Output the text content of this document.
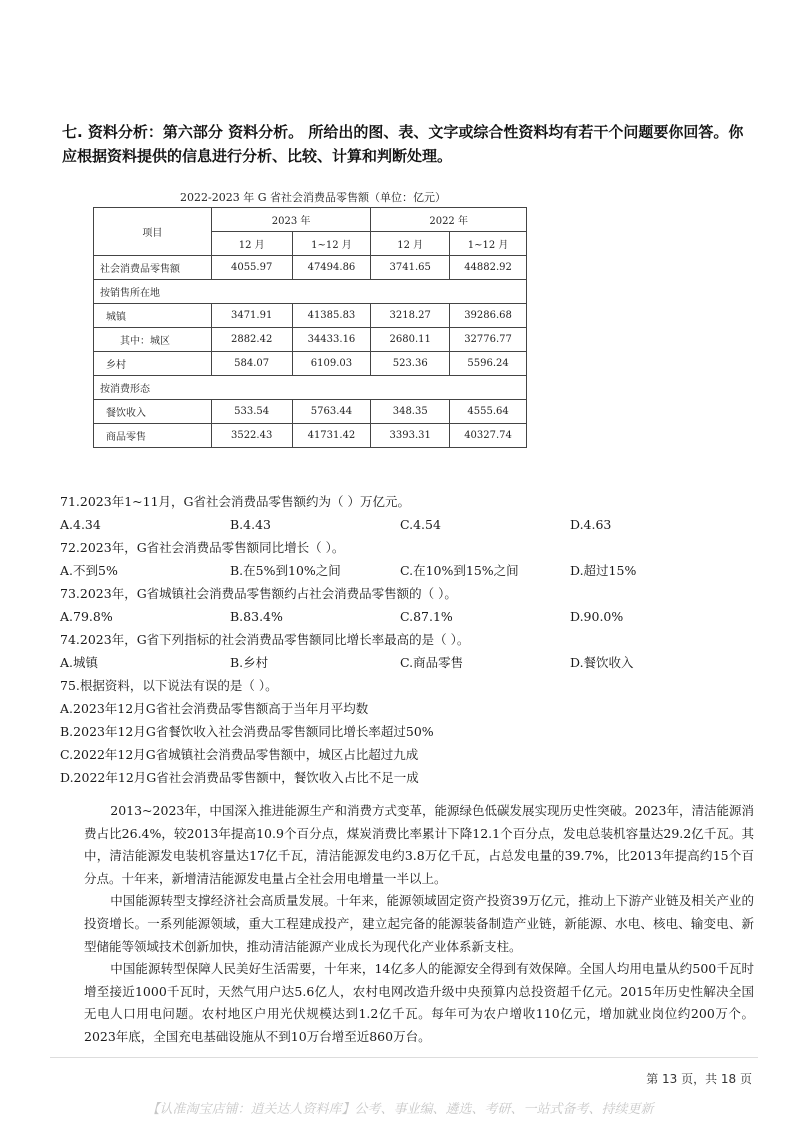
七. 资料分析：第六部分 资料分析。 所给出的图、表、文字或综合性资料均有若干个问题要你回答。你应根据资料提供的信息进行分析、比较、计算和判断处理。
2022-2023 年 G 省社会消费品零售额（单位：亿元）
项目	2023 年		2022 年	
	12 月	1~12 月	12 月	1~12 月
社会消费品零售额	4055.97	47494.86	3741.65	44882.92
按销售所在地				
城镇	3471.91	41385.83	3218.27	39286.68
其中：城区	2882.42	34433.16	2680.11	32776.77
乡村	584.07	6109.03	523.36	5596.24
按消费形态				
餐饮收入	533.54	5763.44	348.35	4555.64
商品零售	3522.43	41731.42	3393.31	40327.74
71.2023年1~11月，G省社会消费品零售额约为（ ）万亿元。
A.4.34	B.4.43	C.4.54	D.4.63
72.2023年，G省社会消费品零售额同比增长（ ）。
A.不到5%	B.在5%到10%之间	C.在10%到15%之间	D.超过15%
73.2023年，G省城镇社会消费品零售额约占社会消费品零售额的（ ）。
A.79.8%	B.83.4%	C.87.1%	D.90.0%
74.2023年，G省下列指标的社会消费品零售额同比增长率最高的是（ ）。
A.城镇	B.乡村	C.商品零售	D.餐饮收入
75.根据资料，以下说法有误的是（ ）。
A.2023年12月G省社会消费品零售额高于当年月平均数
B.2023年12月G省餐饮收入社会消费品零售额同比增长率超过50%
C.2022年12月G省城镇社会消费品零售额中，城区占比超过九成
D.2022年12月G省社会消费品零售额中，餐饮收入占比不足一成

2013~2023年，中国深入推进能源生产和消费方式变革，能源绿色低碳发展实现历史性突破。2023年，清洁能源消费占比26.4%，较2013年提高10.9个百分点，煤炭消费比率累计下降12.1个百分点，发电总装机容量达29.2亿千瓦。其中，清洁能源发电装机容量达17亿千瓦，清洁能源发电约3.8万亿千瓦，占总发电量的39.7%，比2013年提高约15个百分点。十年来，新增清洁能源发电量占全社会用电增量一半以上。

中国能源转型支撑经济社会高质量发展。十年来，能源领域固定资产投资39万亿元，推动上下游产业链及相关产业的投资增长。一系列能源领域，重大工程建成投产，建立起完备的能源装备制造产业链，新能源、水电、核电、输变电、新型储能等领域技术创新加快，推动清洁能源产业成长为现代化产业体系新支柱。

中国能源转型保障人民美好生活需要，十年来，14亿多人的能源安全得到有效保障。全国人均用电量从约500千瓦时增至接近1000千瓦时，天然气用户达5.6亿人，农村电网改造升级中央预算内总投资超千亿元。2015年历史性解决全国无电人口用电问题。农村地区户用光伏规模达到1.2亿千瓦。每年可为农户增收110亿元，增加就业岗位约200万个。2023年底，全国充电基础设施从不到10万台增至近860万台。

第 13 页，共 18 页
【认准淘宝店铺：逍关达人资料库】公考、事业编、遴选、考研、一站式备考、持续更新
